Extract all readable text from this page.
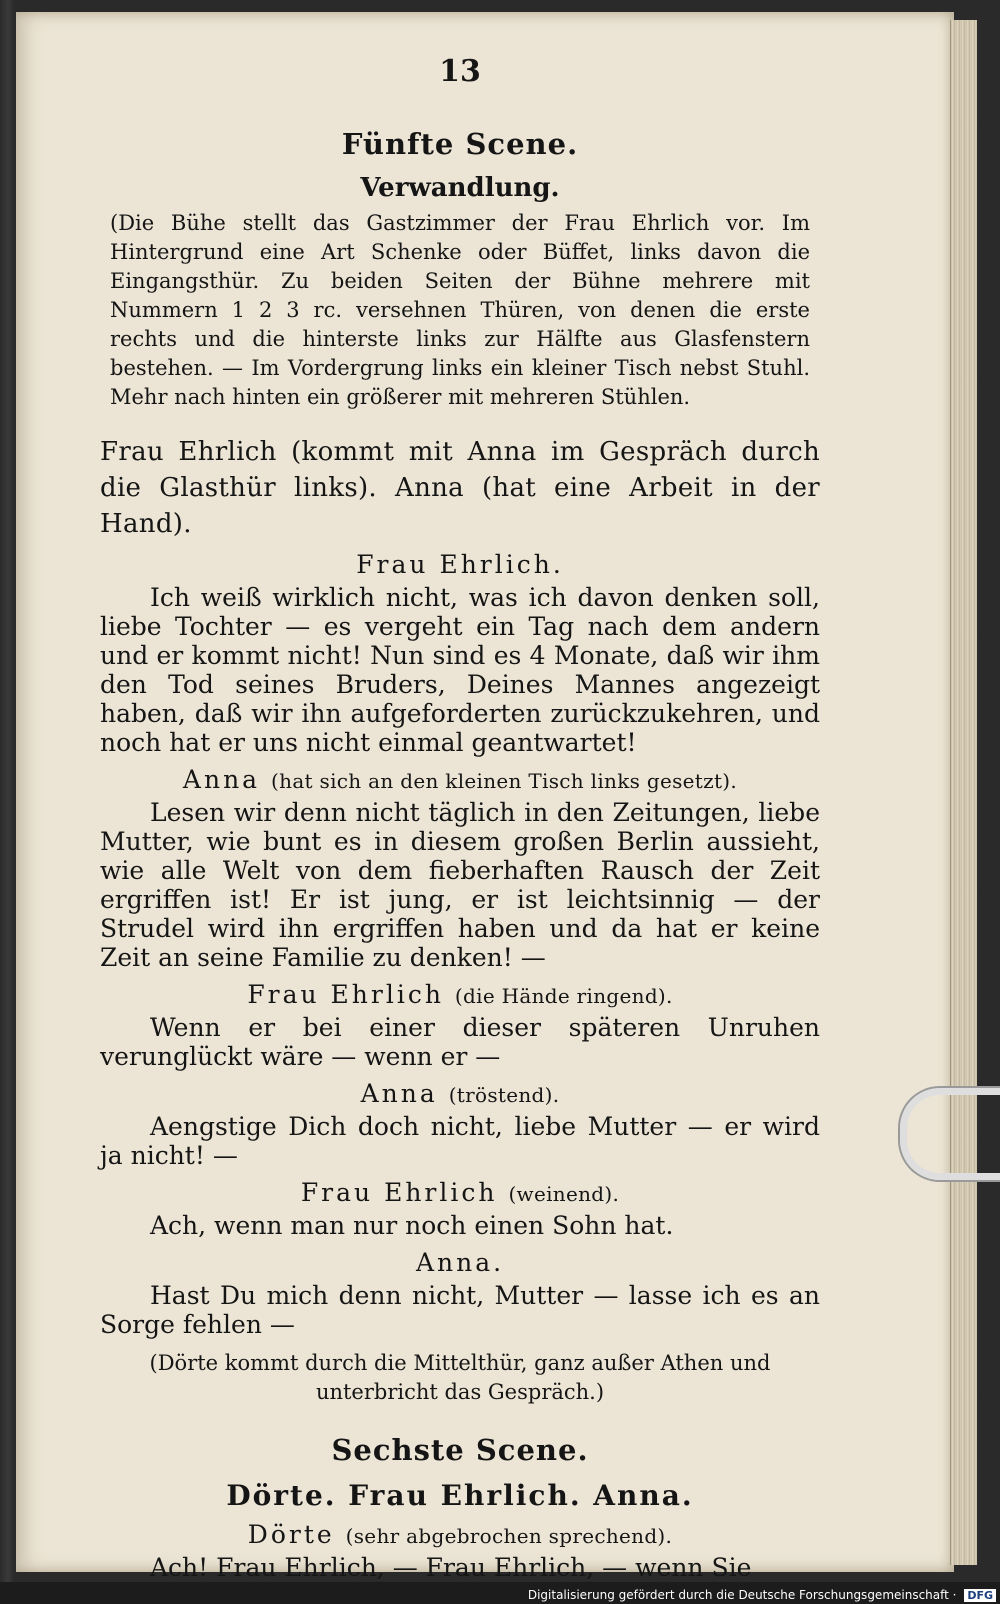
13
Fünfte Scene.
Verwandlung.
(Die Bühe stellt das Gastzimmer der Frau Ehrlich vor. Im Hintergrund eine Art Schenke oder Büffet, links davon die Eingangsthür. Zu beiden Seiten der Bühne mehrere mit Nummern 1 2 3 rc. versehnen Thüren, von denen die erste rechts und die hinterste links zur Hälfte aus Glasfenstern bestehen. — Im Vordergrung links ein kleiner Tisch nebst Stuhl. Mehr nach hinten ein größerer mit mehreren Stühlen.
Frau Ehrlich (kommt mit Anna im Gespräch durch die Glasthür links). Anna (hat eine Arbeit in der Hand).
Frau Ehrlich.
Ich weiß wirklich nicht, was ich davon denken soll, liebe Tochter — es vergeht ein Tag nach dem andern und er kommt nicht! Nun sind es 4 Monate, daß wir ihm den Tod seines Bruders, Deines Mannes angezeigt haben, daß wir ihn aufgeforderten zurückzukehren, und noch hat er uns nicht einmal geantwartet!
Anna (hat sich an den kleinen Tisch links gesetzt).
Lesen wir denn nicht täglich in den Zeitungen, liebe Mutter, wie bunt es in diesem großen Berlin aussieht, wie alle Welt von dem fieberhaften Rausch der Zeit ergriffen ist! Er ist jung, er ist leichtsinnig — der Strudel wird ihn ergriffen haben und da hat er keine Zeit an seine Familie zu denken! —
Frau Ehrlich (die Hände ringend).
Wenn er bei einer dieser späteren Unruhen verunglückt wäre — wenn er —
Anna (tröstend).
Aengstige Dich doch nicht, liebe Mutter — er wird ja nicht! —
Frau Ehrlich (weinend).
Ach, wenn man nur noch einen Sohn hat.
Anna.
Hast Du mich denn nicht, Mutter — lasse ich es an Sorge fehlen —
(Dörte kommt durch die Mittelthür, ganz außer Athen und unterbricht das Gespräch.)
Sechste Scene.
Dörte. Frau Ehrlich. Anna.
Dörte (sehr abgebrochen sprechend).
Ach! Frau Ehrlich, — Frau Ehrlich, — wenn Sie
Digitalisierung gefördert durch die Deutsche Forschungsgemeinschaft · DFG
